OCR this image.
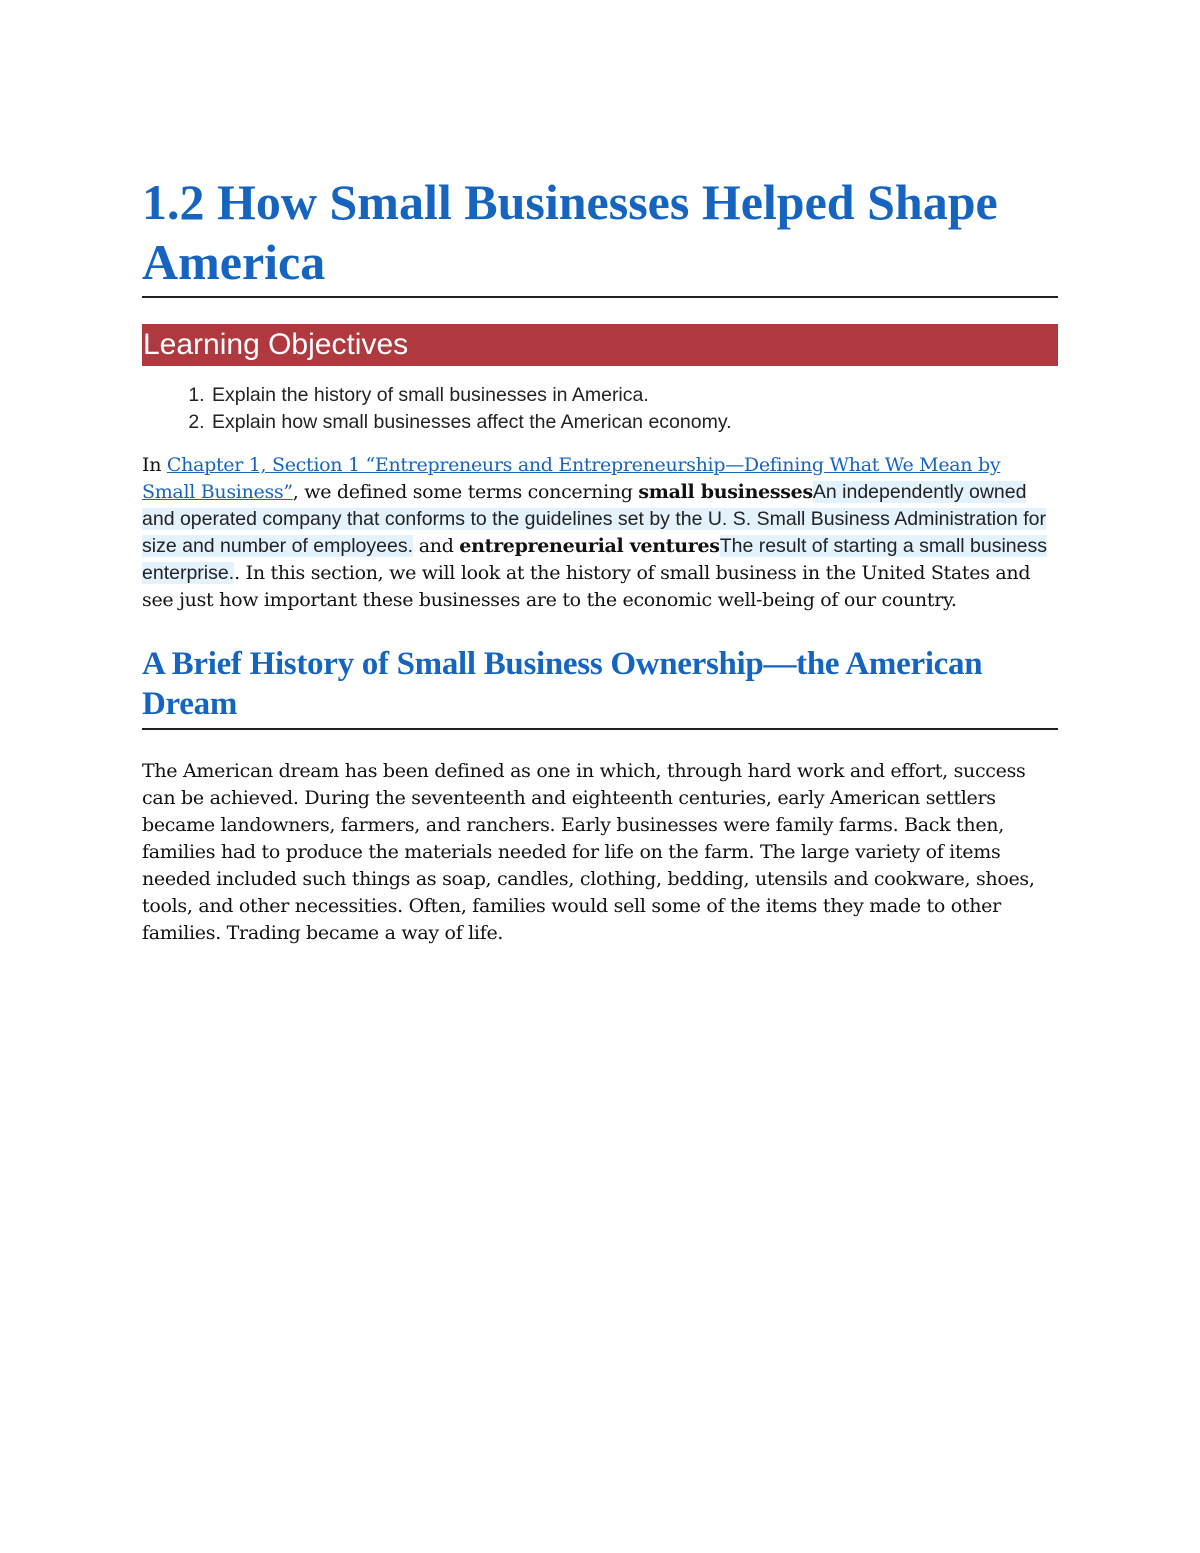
1.2 How Small Businesses Helped Shape America
Learning Objectives
1. Explain the history of small businesses in America.
2. Explain how small businesses affect the American economy.

In Chapter 1, Section 1 “Entrepreneurs and Entrepreneurship—Defining What We Mean by Small Business”, we defined some terms concerning small businessesAn independently owned and operated company that conforms to the guidelines set by the U. S. Small Business Administration for size and number of employees. and entrepreneurial venturesThe result of starting a small business enterprise.. In this section, we will look at the history of small business in the United States and see just how important these businesses are to the economic well-being of our country.

A Brief History of Small Business Ownership—the American Dream

The American dream has been defined as one in which, through hard work and effort, success can be achieved. During the seventeenth and eighteenth centuries, early American settlers became landowners, farmers, and ranchers. Early businesses were family farms. Back then, families had to produce the materials needed for life on the farm. The large variety of items needed included such things as soap, candles, clothing, bedding, utensils and cookware, shoes, tools, and other necessities. Often, families would sell some of the items they made to other families. Trading became a way of life.
